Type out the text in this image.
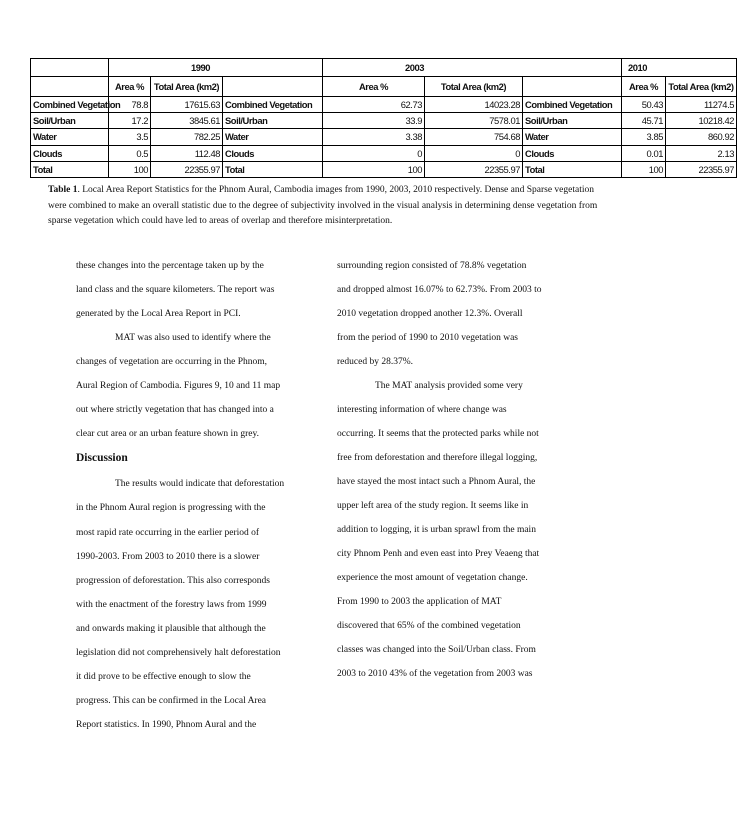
	1990			2003			2010	
	Area %	Total Area (km2)		Area %	Total Area (km2)		Area %	Total Area (km2)
Combined Vegetation	78.8	17615.63	Combined Vegetation	62.73	14023.28	Combined Vegetation	50.43	11274.5
Soil/Urban	17.2	3845.61	Soil/Urban	33.9	7578.01	Soil/Urban	45.71	10218.42
Water	3.5	782.25	Water	3.38	754.68	Water	3.85	860.92
Clouds	0.5	112.48	Clouds	0	0	Clouds	0.01	2.13
Total	100	22355.97	Total	100	22355.97	Total	100	22355.97

Table 1. Local Area Report Statistics for the Phnom Aural, Cambodia images from 1990, 2003, 2010 respectively. Dense and Sparse vegetation were combined to make an overall statistic due to the degree of subjectivity involved in the visual analysis in determining dense vegetation from sparse vegetation which could have led to areas of overlap and therefore misinterpretation.

these changes into the percentage taken up by the
land class and the square kilometers. The report was
generated by the Local Area Report in PCI.
MAT was also used to identify where the
changes of vegetation are occurring in the Phnom,
Aural Region of Cambodia. Figures 9, 10 and 11 map
out where strictly vegetation that has changed into a
clear cut area or an urban feature shown in grey.
Discussion
The results would indicate that deforestation
in the Phnom Aural region is progressing with the
most rapid rate occurring in the earlier period of
1990-2003. From 2003 to 2010 there is a slower
progression of deforestation. This also corresponds
with the enactment of the forestry laws from 1999
and onwards making it plausible that although the
legislation did not comprehensively halt deforestation
it did prove to be effective enough to slow the
progress. This can be confirmed in the Local Area
Report statistics. In 1990, Phnom Aural and the
surrounding region consisted of 78.8% vegetation
and dropped almost 16.07% to 62.73%. From 2003 to
2010 vegetation dropped another 12.3%. Overall
from the period of 1990 to 2010 vegetation was
reduced by 28.37%.
The MAT analysis provided some very
interesting information of where change was
occurring. It seems that the protected parks while not
free from deforestation and therefore illegal logging,
have stayed the most intact such a Phnom Aural, the
upper left area of the study region. It seems like in
addition to logging, it is urban sprawl from the main
city Phnom Penh and even east into Prey Veaeng that
experience the most amount of vegetation change.
From 1990 to 2003 the application of MAT
discovered that 65% of the combined vegetation
classes was changed into the Soil/Urban class. From
2003 to 2010 43% of the vegetation from 2003 was
